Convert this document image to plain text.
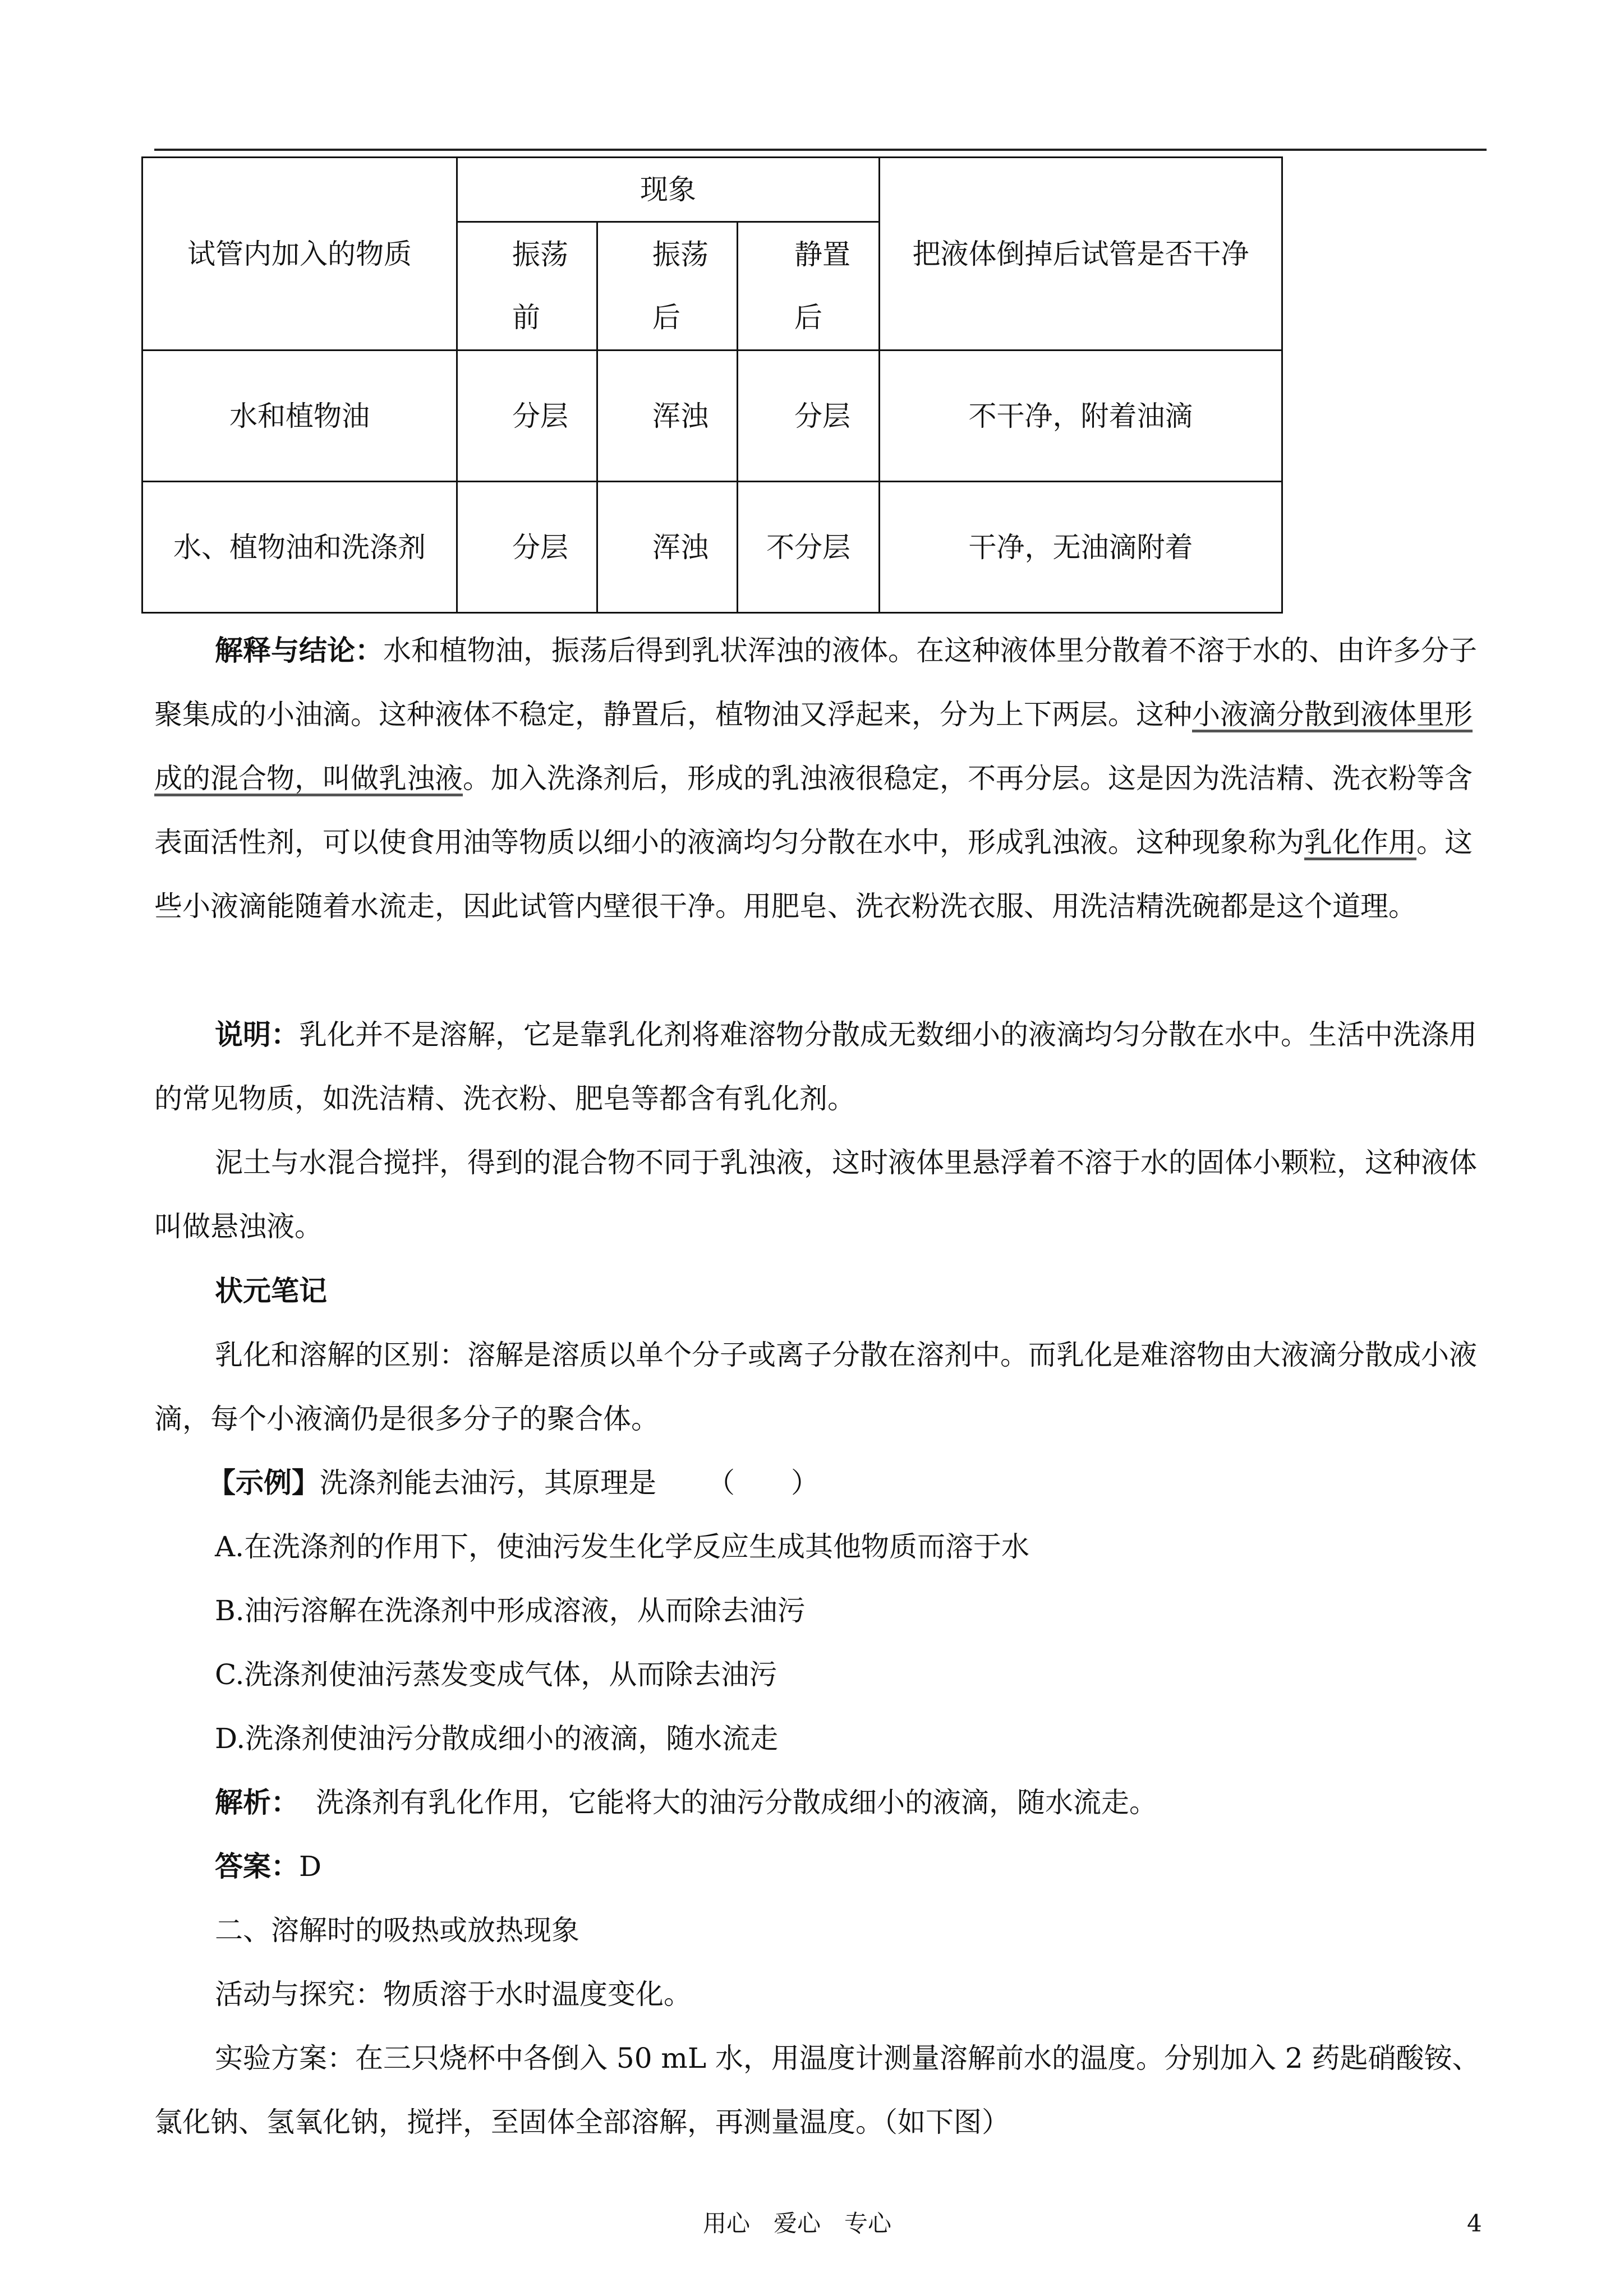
试管内加入的物质	现象			把液体倒掉后试管是否干净

	振荡前	振荡后	静置后	

水和植物油	分层	浑浊	分层	不干净，附着油滴
水、植物油和洗涤剂	分层	浑浊	不分层	干净，无油滴附着

解释与结论：水和植物油，振荡后得到乳状浑浊的液体。在这种液体里分散着不溶于水的、由许多分子聚集成的小油滴。这种液体不稳定，静置后，植物油又浮起来，分为上下两层。这种小液滴分散到液体里形成的混合物，叫做乳浊液。加入洗涤剂后，形成的乳浊液很稳定，不再分层。这是因为洗洁精、洗衣粉等含表面活性剂，可以使食用油等物质以细小的液滴均匀分散在水中，形成乳浊液。这种现象称为乳化作用。这些小液滴能随着水流走，因此试管内壁很干净。用肥皂、洗衣粉洗衣服、用洗洁精洗碗都是这个道理。

说明：乳化并不是溶解，它是靠乳化剂将难溶物分散成无数细小的液滴均匀分散在水中。生活中洗涤用的常见物质，如洗洁精、洗衣粉、肥皂等都含有乳化剂。

泥土与水混合搅拌，得到的混合物不同于乳浊液，这时液体里悬浮着不溶于水的固体小颗粒，这种液体叫做悬浊液。

状元笔记

乳化和溶解的区别：溶解是溶质以单个分子或离子分散在溶剂中。而乳化是难溶物由大液滴分散成小液滴，每个小液滴仍是很多分子的聚合体。

【示例】洗涤剂能去油污，其原理是 （　　）

A.在洗涤剂的作用下，使油污发生化学反应生成其他物质而溶于水

B.油污溶解在洗涤剂中形成溶液，从而除去油污

C.洗涤剂使油污蒸发变成气体，从而除去油污

D.洗涤剂使油污分散成细小的液滴，随水流走

解析： 洗涤剂有乳化作用，它能将大的油污分散成细小的液滴，随水流走。

答案：D

二、溶解时的吸热或放热现象

活动与探究：物质溶于水时温度变化。

实验方案：在三只烧杯中各倒入 50 mL 水，用温度计测量溶解前水的温度。分别加入 2 药匙硝酸铵、氯化钠、氢氧化钠，搅拌，至固体全部溶解，再测量温度。（如下图）

用心　爱心　专心	4
